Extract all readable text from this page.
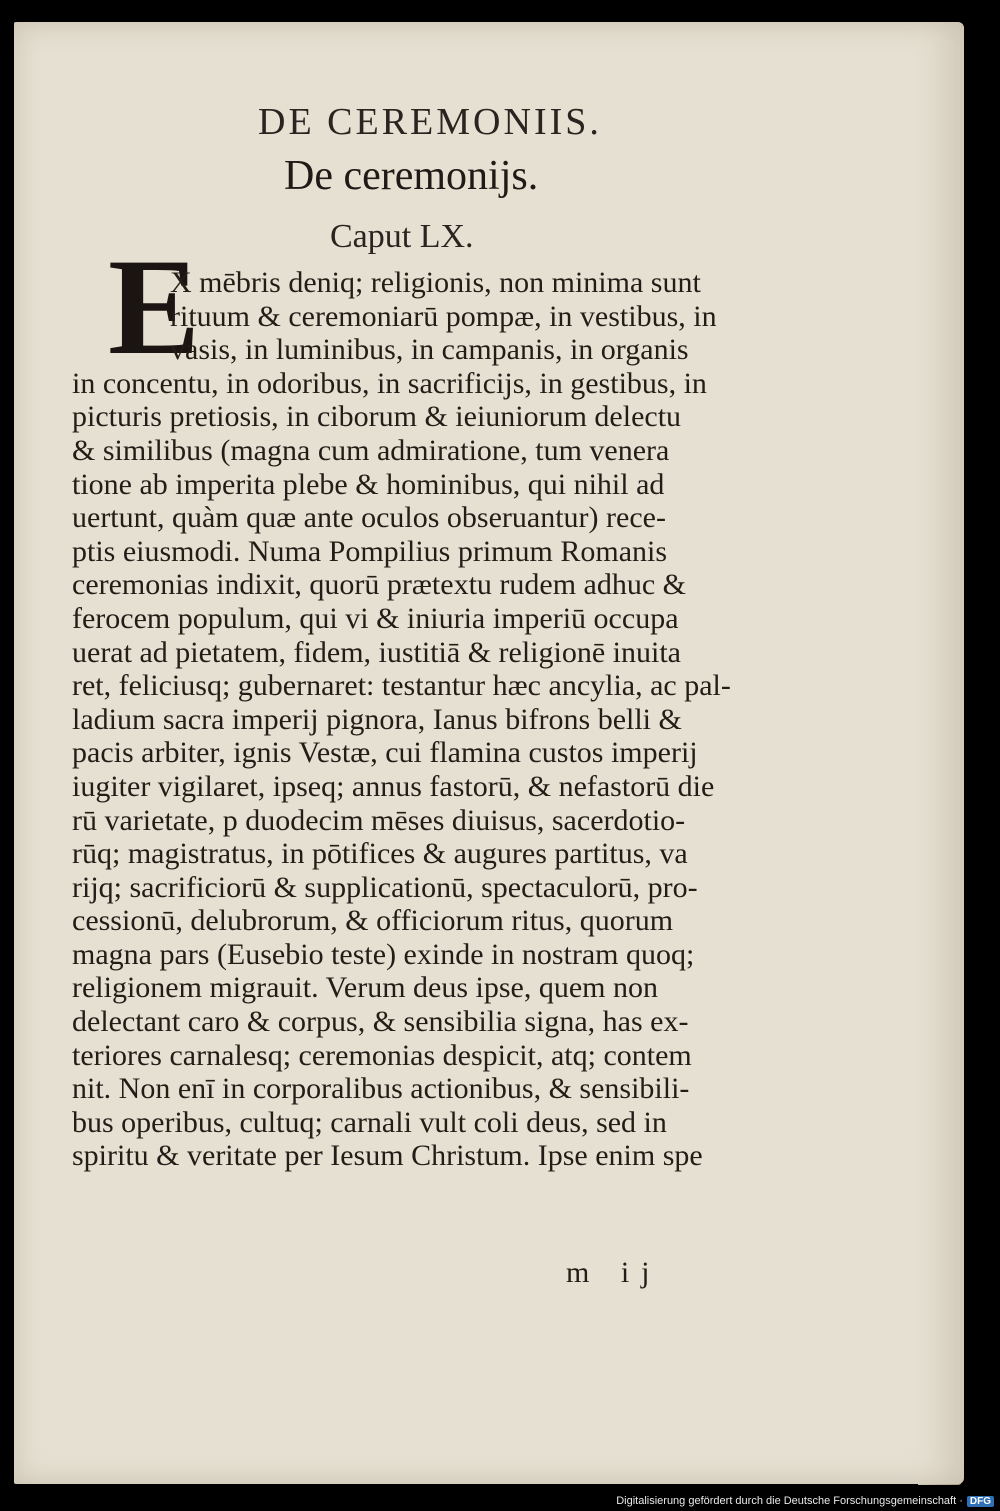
DE CEREMONIIS.
De ceremonijs.
Caput LX.
E
X mēbris deniq; religionis, non minima sunt
rituum & ceremoniarū pompæ, in vestibus, in
vasis, in luminibus, in campanis, in organis
in concentu, in odoribus, in sacrificijs, in gestibus, in
picturis pretiosis, in ciborum & ieiuniorum delectu
& similibus (magna cum admiratione, tum venera
tione ab imperita plebe & hominibus, qui nihil ad
uertunt, quàm quæ ante oculos obseruantur) rece-
ptis eiusmodi. Numa Pompilius primum Romanis
ceremonias indixit, quorū prætextu rudem adhuc &
ferocem populum, qui vi & iniuria imperiū occupa
uerat ad pietatem, fidem, iustitiā & religionē inuita
ret, feliciusq; gubernaret: testantur hæc ancylia, ac pal-
ladium sacra imperij pignora, Ianus bifrons belli &
pacis arbiter, ignis Vestæ, cui flamina custos imperij
iugiter vigilaret, ipseq; annus fastorū, & nefastorū die
rū varietate, p duodecim mēses diuisus, sacerdotio-
rūq; magistratus, in pōtifices & augures partitus, va
rijq; sacrificiorū & supplicationū, spectaculorū, pro-
cessionū, delubrorum, & officiorum ritus, quorum
magna pars (Eusebio teste) exinde in nostram quoq;
religionem migrauit. Verum deus ipse, quem non
delectant caro & corpus, & sensibilia signa, has ex-
teriores carnalesq; ceremonias despicit, atq; contem
nit. Non enī in corporalibus actionibus, & sensibili-
bus operibus, cultuq; carnali vult coli deus, sed in
spiritu & veritate per Iesum Christum. Ipse enim spe
m ij
Digitalisierung gefördert durch die Deutsche Forschungsgemeinschaft · DFG
